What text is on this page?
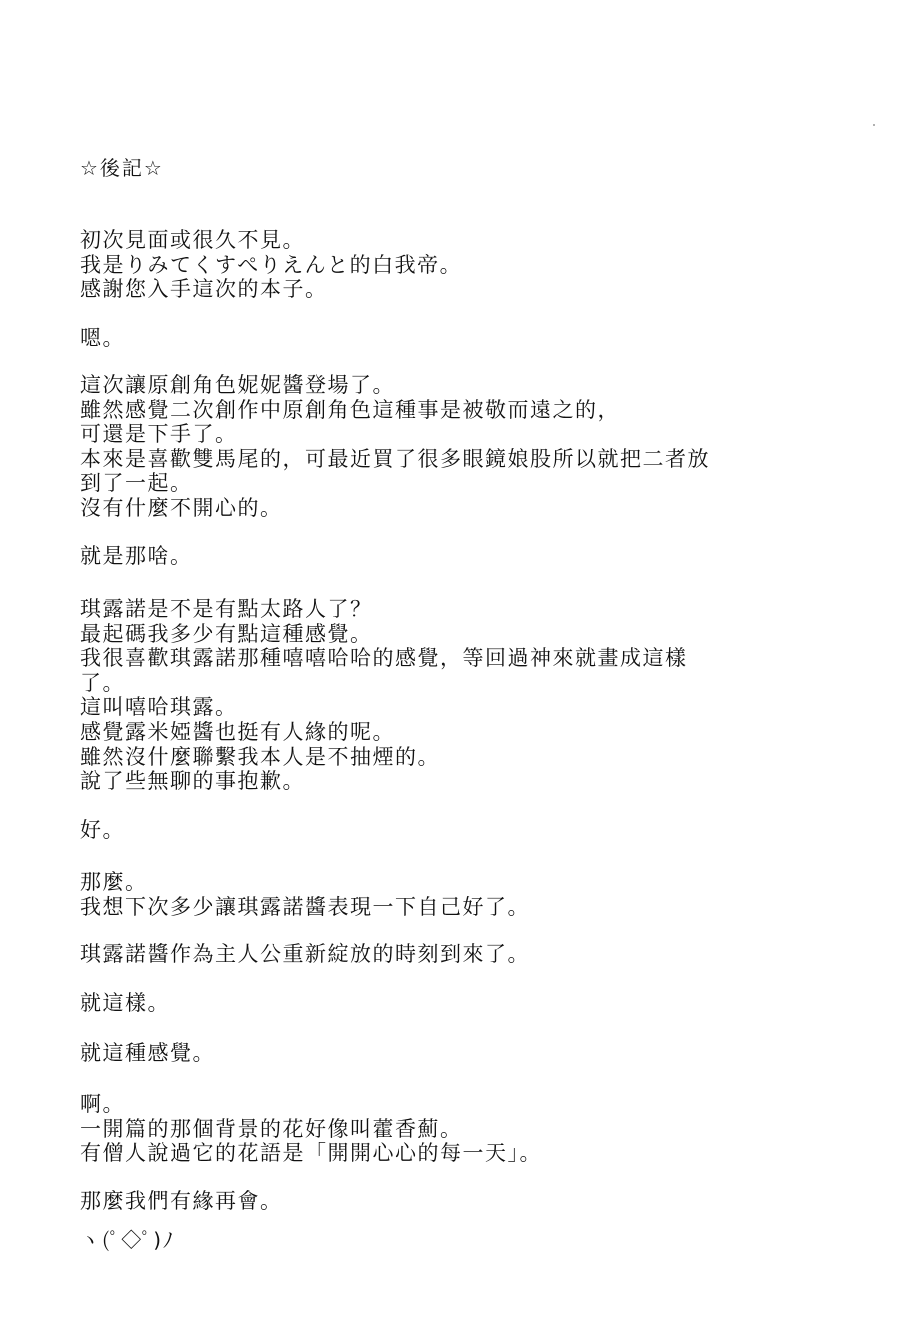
☆後記☆
初次見面或很久不見。
我是りみてくすぺりえんと的白我帝。
感謝您入手這次的本子。
嗯。
這次讓原創角色妮妮醬登場了。
雖然感覺二次創作中原創角色這種事是被敬而遠之的，
可還是下手了。
本來是喜歡雙馬尾的，可最近買了很多眼鏡娘股所以就把二者放
到了一起。
沒有什麼不開心的。
就是那啥。
琪露諾是不是有點太路人了？
最起碼我多少有點這種感覺。
我很喜歡琪露諾那種嘻嘻哈哈的感覺，等回過神來就畫成這樣
了。
這叫嘻哈琪露。
感覺露米婭醬也挺有人緣的呢。
雖然沒什麼聯繫我本人是不抽煙的。
說了些無聊的事抱歉。
好。
那麼。
我想下次多少讓琪露諾醬表現一下自己好了。
琪露諾醬作為主人公重新綻放的時刻到來了。
就這樣。
就這種感覺。
啊。
一開篇的那個背景的花好像叫藿香薊。
有僧人說過它的花語是「開開心心的每一天」。
那麼我們有緣再會。
ヽ(ﾟ◇ﾟ)ﾉ
